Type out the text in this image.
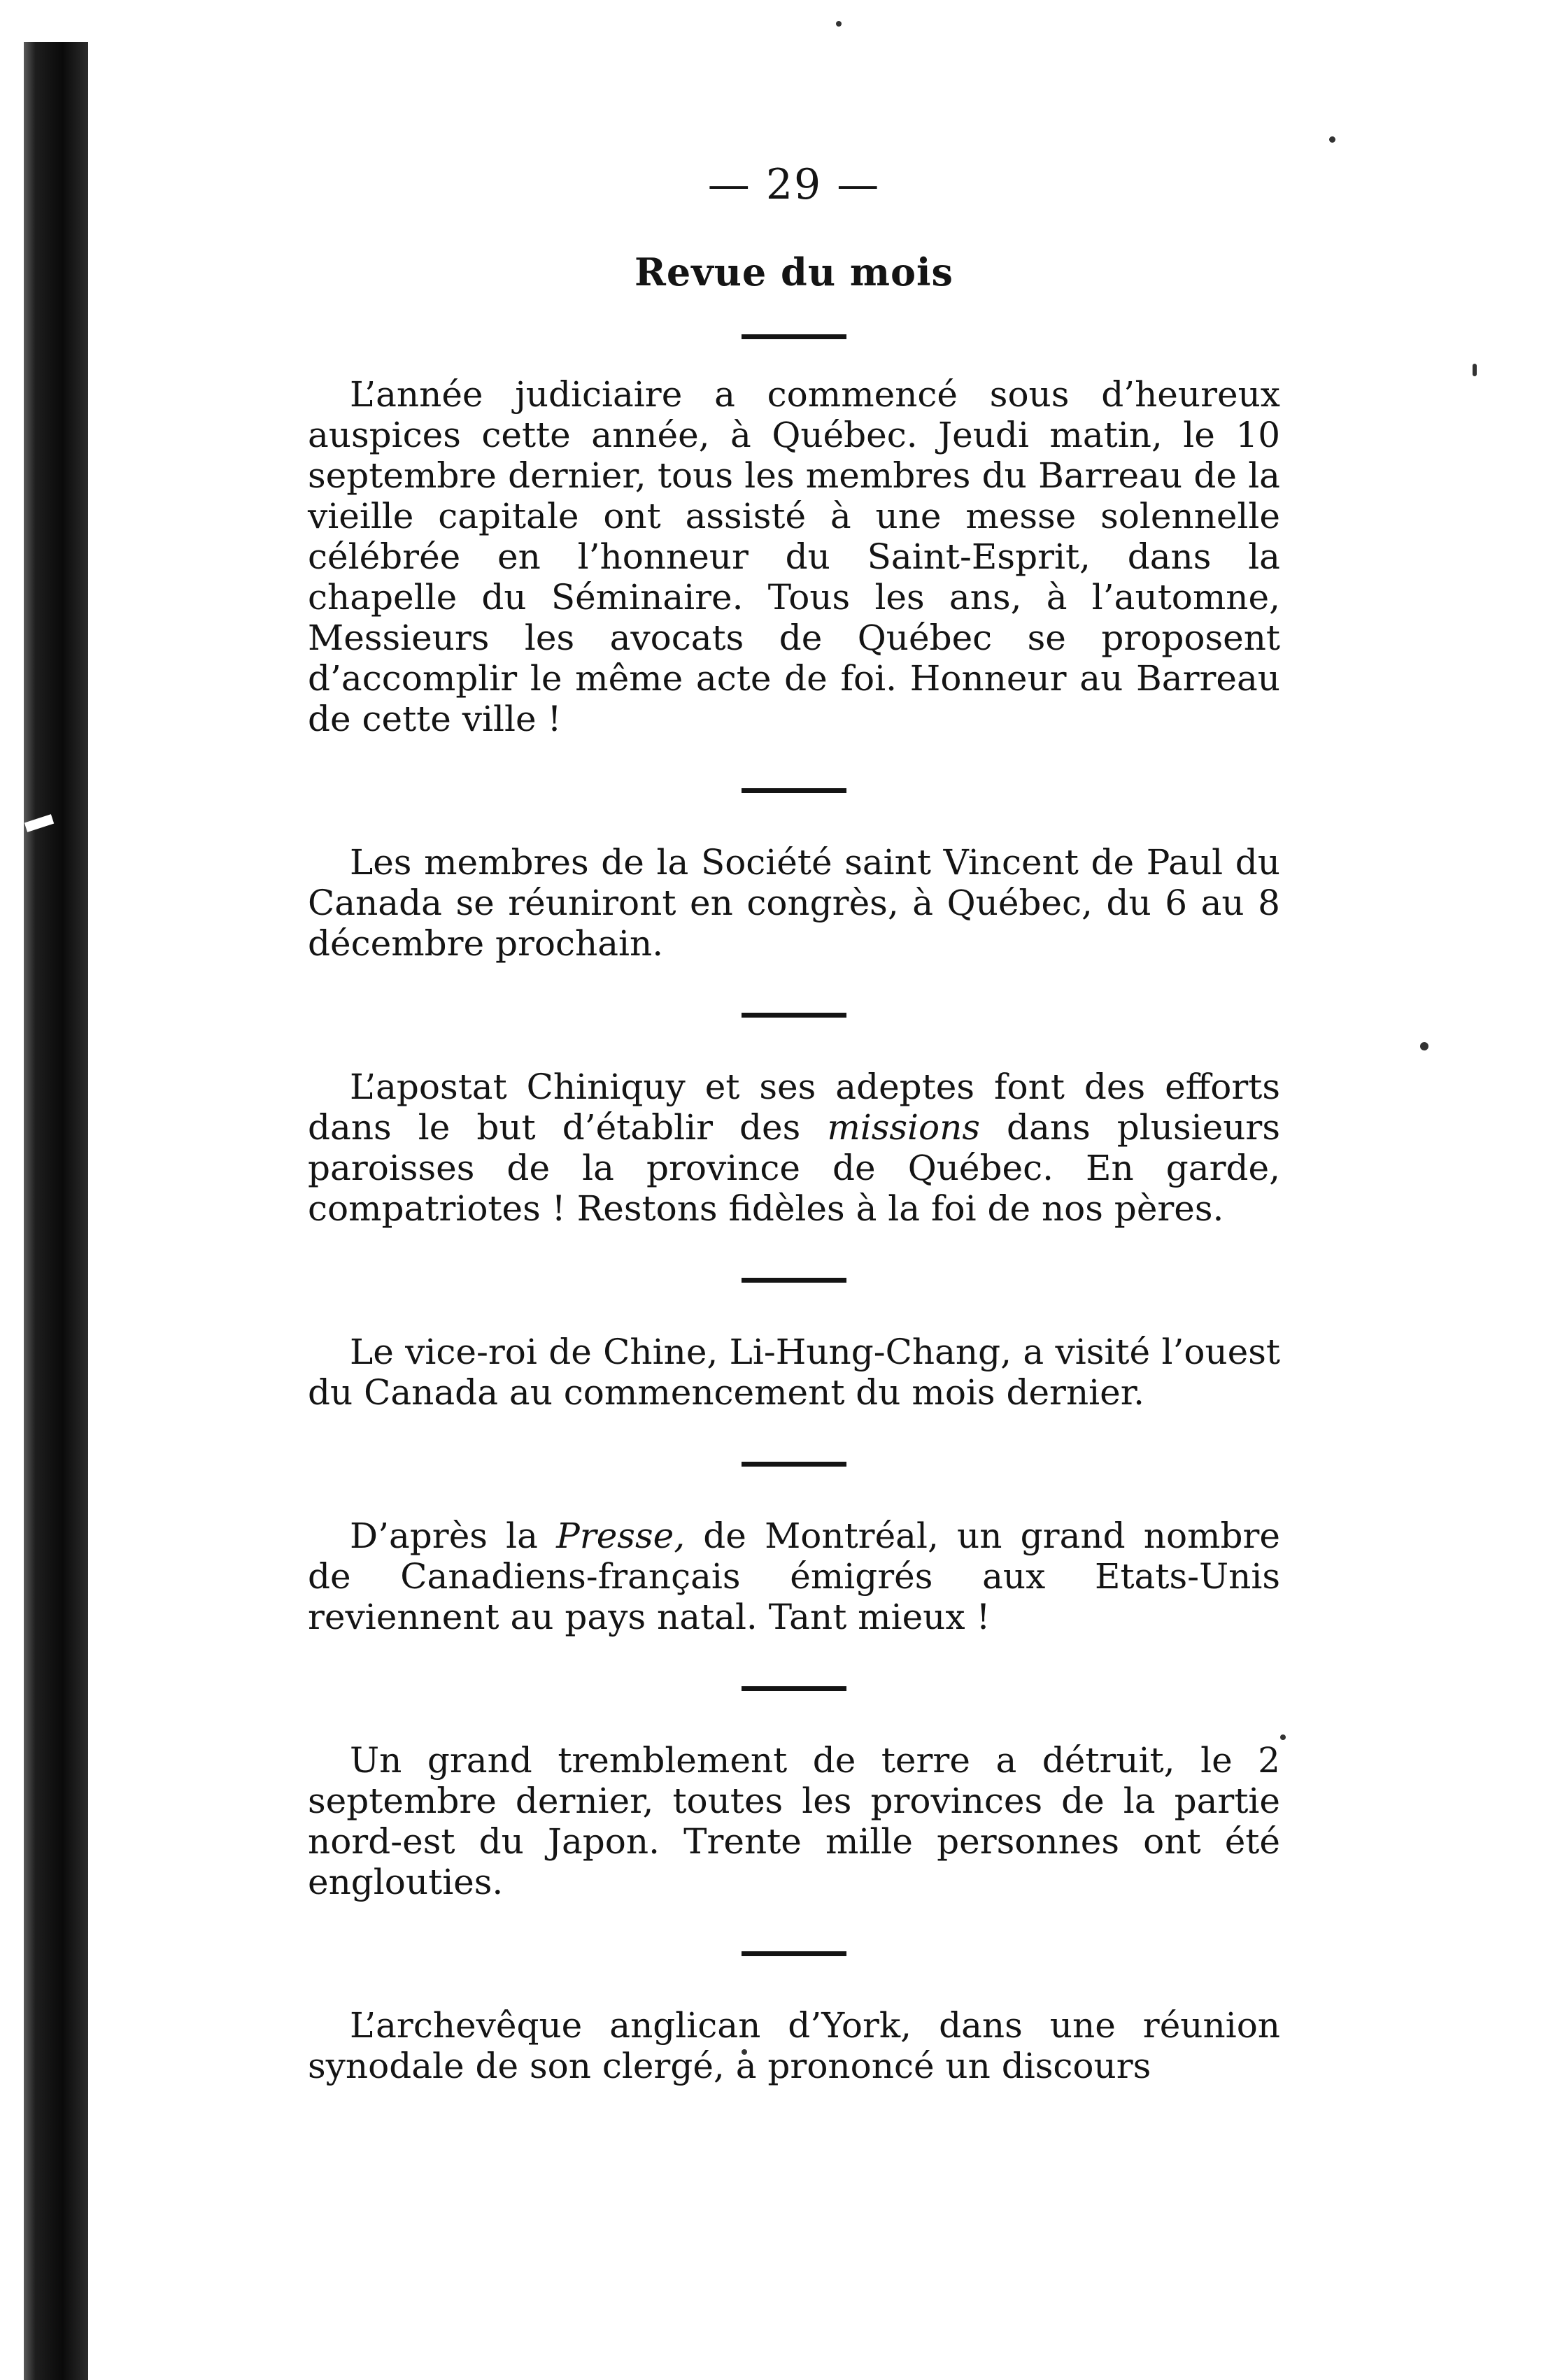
— 29 —
Revue du mois

L’année judiciaire a commencé sous d’heureux auspices cette année, à Québec. Jeudi matin, le 10 septembre dernier, tous les membres du Barreau de la vieille capitale ont assisté à une messe solennelle célébrée en l’honneur du Saint-Esprit, dans la chapelle du Séminaire. Tous les ans, à l’automne, Messieurs les avocats de Québec se proposent d’accomplir le même acte de foi. Honneur au Barreau de cette ville !

Les membres de la Société saint Vincent de Paul du Canada se réuniront en congrès, à Québec, du 6 au 8 décembre prochain.

L’apostat Chiniquy et ses adeptes font des efforts dans le but d’établir des missions dans plusieurs paroisses de la province de Québec. En garde, compatriotes ! Restons fidèles à la foi de nos pères.

Le vice-roi de Chine, Li-Hung-Chang, a visité l’ouest du Canada au commencement du mois dernier.

D’après la Presse, de Montréal, un grand nombre de Canadiens-français émigrés aux Etats-Unis reviennent au pays natal. Tant mieux !

Un grand tremblement de terre a détruit, le 2 septembre dernier, toutes les provinces de la partie nord-est du Japon. Trente mille personnes ont été englouties.

L’archevêque anglican d’York, dans une réunion synodale de son clergé, a prononcé un discours
